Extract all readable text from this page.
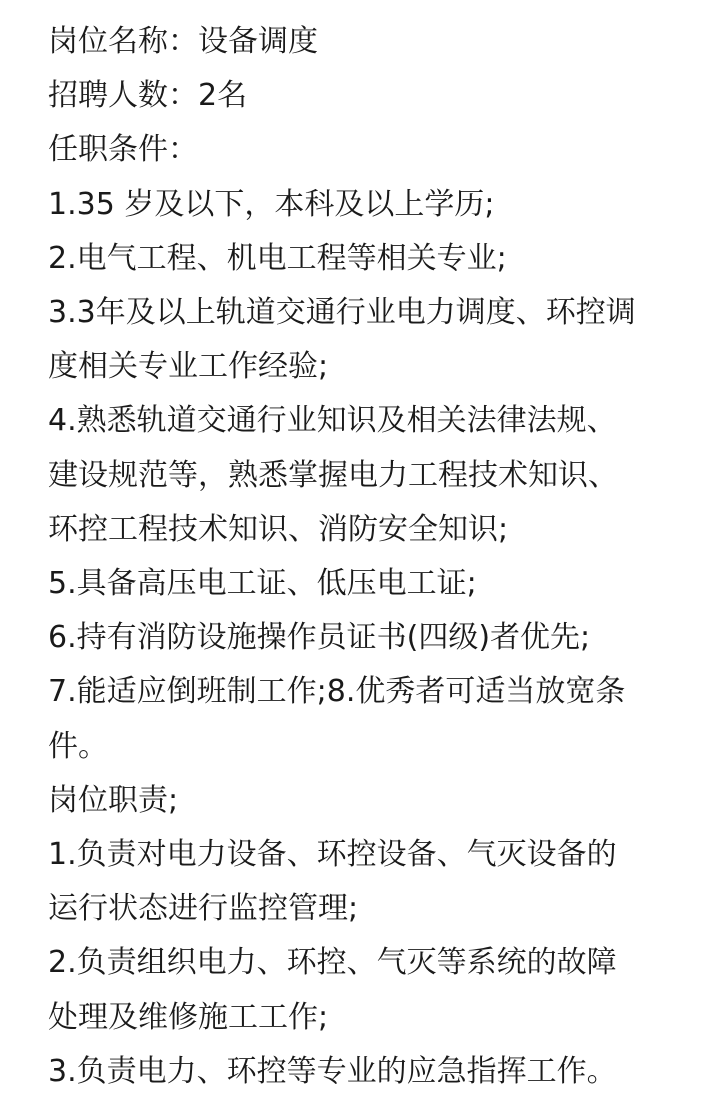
岗位名称：设备调度
招聘人数：2名
任职条件：
1.35 岁及以下，本科及以上学历;
2.电气工程、机电工程等相关专业;
3.3年及以上轨道交通行业电力调度、环控调
度相关专业工作经验;
4.熟悉轨道交通行业知识及相关法律法规、
建设规范等，熟悉掌握电力工程技术知识、
环控工程技术知识、消防安全知识;
5.具备高压电工证、低压电工证;
6.持有消防设施操作员证书(四级)者优先;
7.能适应倒班制工作;8.优秀者可适当放宽条
件。
岗位职责;
1.负责对电力设备、环控设备、气灭设备的
运行状态进行监控管理;
2.负责组织电力、环控、气灭等系统的故障
处理及维修施工工作;
3.负责电力、环控等专业的应急指挥工作。
